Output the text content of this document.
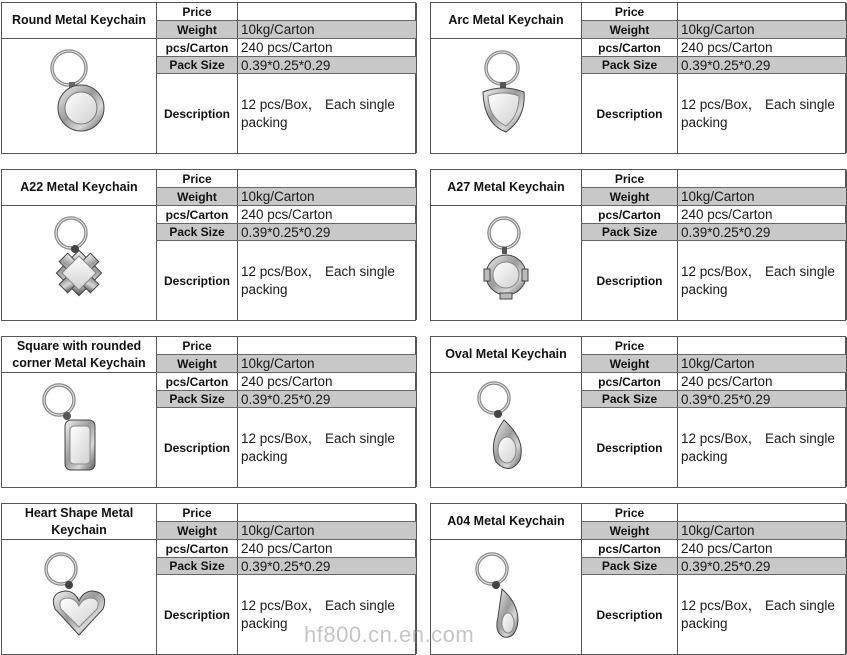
Round Metal Keychain
Price
Weight	10kg/Carton
pcs/Carton 240 pcs/Carton
Pack Size	0.39*0.25*0.29
Description
12 pcs/Box， Each single packing
Arc Metal Keychain
Price
Weight	10kg/Carton
pcs/Carton	240 pcs/Carton
Pack Size	0.39*0.25*0.29
Description
12 pcs/Box， Each single packing
A22 Metal Keychain
Price
Weight	10kg/Carton
pcs/Carton 240 pcs/Carton
Pack Size	0.39*0.25*0.29
Description
12 pcs/Box， Each single packing
A27 Metal Keychain
Price
Weight	10kg/Carton
pcs/Carton	240 pcs/Carton
Pack Size	0.39*0.25*0.29
Description
12 pcs/Box， Each single packing
Square with rounded corner Metal Keychain
Price
Weight	10kg/Carton
pcs/Carton 240 pcs/Carton
Pack Size	0.39*0.25*0.29
Description
12 pcs/Box， Each single packing
Oval Metal Keychain
Price
Weight	10kg/Carton
pcs/Carton	240 pcs/Carton
Pack Size	0.39*0.25*0.29
Description
12 pcs/Box， Each single packing
Heart Shape Metal Keychain
Price
Weight	10kg/Carton
pcs/Carton 240 pcs/Carton
Pack Size	0.39*0.25*0.29
Description
12 pcs/Box， Each single packing
A04 Metal Keychain
Price
Weight	10kg/Carton
pcs/Carton	240 pcs/Carton
Pack Size	0.39*0.25*0.29
Description
12 pcs/Box， Each single packing
hf800.cn.en.com
